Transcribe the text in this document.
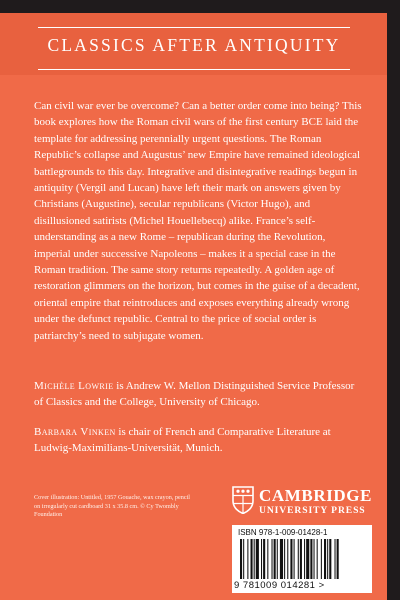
CLASSICS AFTER ANTIQUITY

Can civil war ever be overcome? Can a better order come into being? This book explores how the Roman civil wars of the first century BCE laid the template for addressing perennially urgent questions. The Roman Republic’s collapse and Augustus’ new Empire have remained ideological battlegrounds to this day. Integrative and disintegrative readings begun in antiquity (Vergil and Lucan) have left their mark on answers given by Christians (Augustine), secular republicans (Victor Hugo), and disillusioned satirists (Michel Houellebecq) alike. France’s self-understanding as a new Rome – republican during the Revolution, imperial under successive Napoleons – makes it a special case in the Roman tradition. The same story returns repeatedly. A golden age of restoration glimmers on the horizon, but comes in the guise of a decadent, oriental empire that reintroduces and exposes everything already wrong under the defunct republic. Central to the price of social order is patriarchy’s need to subjugate women.

Michèle Lowrie is Andrew W. Mellon Distinguished Service Professor of Classics and the College, University of Chicago.

Barbara Vinken is chair of French and Comparative Literature at Ludwig-Maximilians-Universität, Munich.

Cover illustration: Untitled, 1957 Gouache, wax crayon, pencil on irregularly cut cardboard 31 x 35.8 cm. © Cy Twombly Foundation

CAMBRIDGE
UNIVERSITY PRESS
ISBN 978-1-009-01428-1
9 781009 014281 >
